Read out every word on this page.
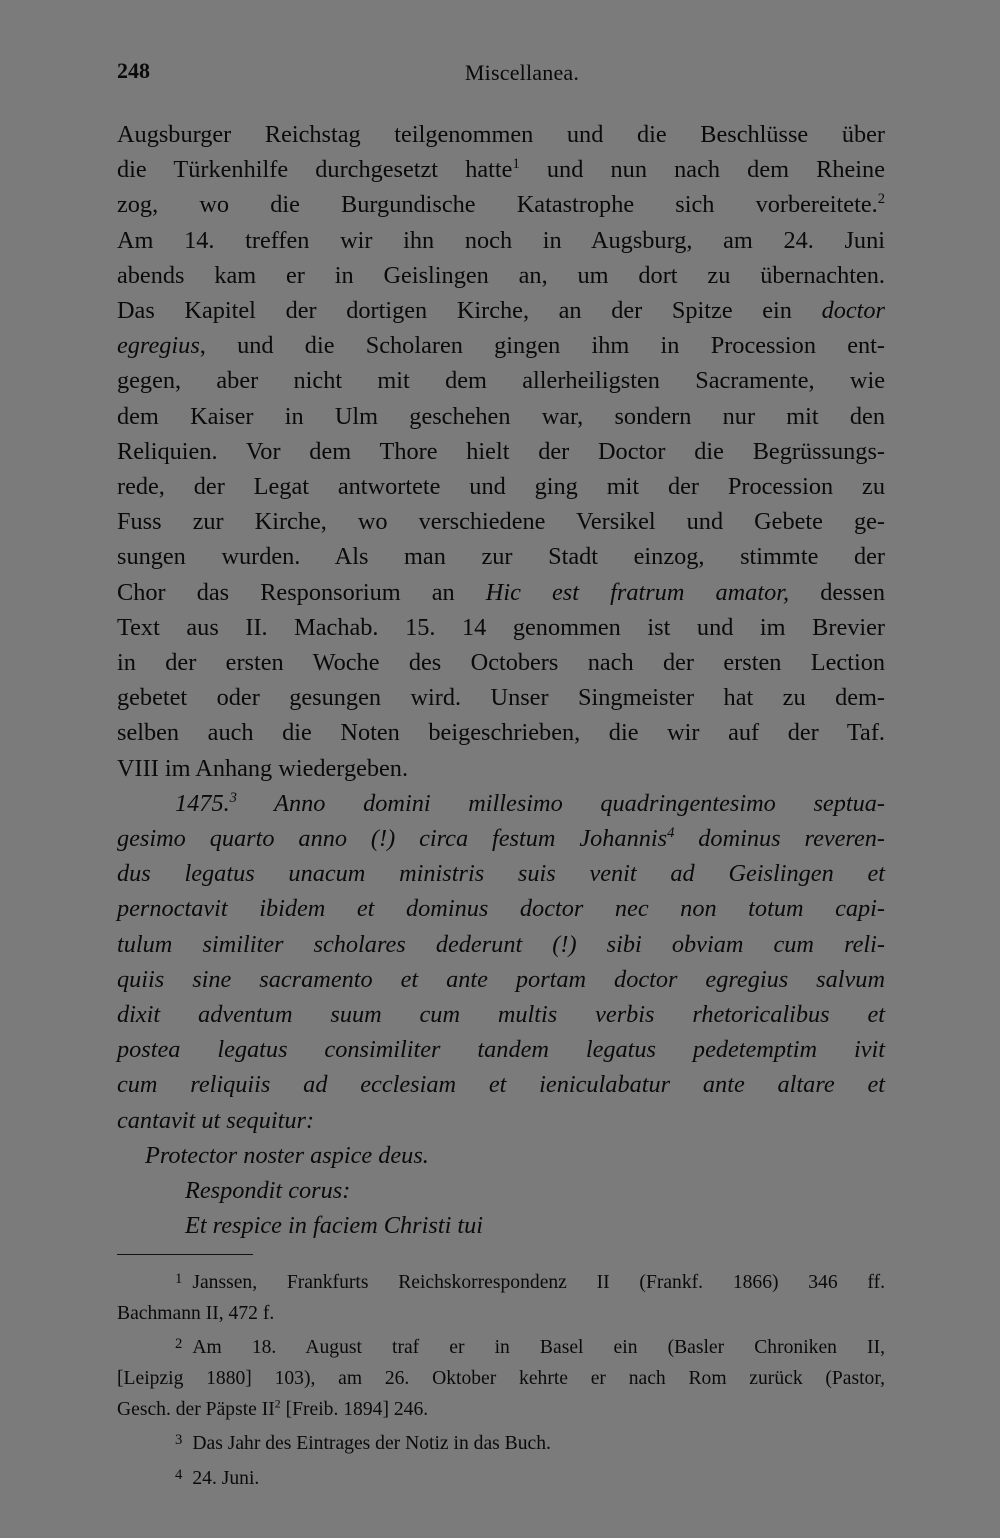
248	Miscellanea.
Augsburger Reichstag teilgenommen und die Beschlüsse über
die Türkenhilfe durchgesetzt hatte$^1$ und nun nach dem Rheine
zog, wo die Burgundische Katastrophe sich vorbereitete.$^2$
Am 14. treffen wir ihn noch in Augsburg, am 24. Juni
abends kam er in Geislingen an, um dort zu übernachten.
Das Kapitel der dortigen Kirche, an der Spitze ein doctor
egregius, und die Scholaren gingen ihm in Procession ent-
gegen, aber nicht mit dem allerheiligsten Sacramente, wie
dem Kaiser in Ulm geschehen war, sondern nur mit den
Reliquien. Vor dem Thore hielt der Doctor die Begrüssungs-
rede, der Legat antwortete und ging mit der Procession zu
Fuss zur Kirche, wo verschiedene Versikel und Gebete ge-
sungen wurden. Als man zur Stadt einzog, stimmte der
Chor das Responsorium an Hic est fratrum amator, dessen
Text aus II. Machab. 15. 14 genommen ist und im Brevier
in der ersten Woche des Octobers nach der ersten Lection
gebetet oder gesungen wird. Unser Singmeister hat zu dem-
selben auch die Noten beigeschrieben, die wir auf der Taf.
VIII im Anhang wiedergeben.
1475.$^3$ Anno domini millesimo quadringentesimo septua-
gesimo quarto anno (!) circa festum Johannis$^4$ dominus reveren-
dus legatus unacum ministris suis venit ad Geislingen et
pernoctavit ibidem et dominus doctor nec non totum capi-
tulum similiter scholares dederunt (!) sibi obviam cum reli-
quiis sine sacramento et ante portam doctor egregius salvum
dixit adventum suum cum multis verbis rhetoricalibus et
postea legatus consimiliter tandem legatus pedetemptim ivit
cum reliquiis ad ecclesiam et ieniculabatur ante altare et
cantavit ut sequitur:
Protector noster aspice deus.
Respondit corus:
Et respice in faciem Christi tui
$^1$ Janssen, Frankfurts Reichskorrespondenz II (Frankf. 1866) 346 ff.
Bachmann II, 472 f.
$^2$ Am 18. August traf er in Basel ein (Basler Chroniken II,
[Leipzig 1880] 103), am 26. Oktober kehrte er nach Rom zurück (Pastor,
Gesch. der Päpste $II^2$ [Freib. 1894] 246.
$^3$ Das Jahr des Eintrages der Notiz in das Buch.
$^4$ 24. Juni.
